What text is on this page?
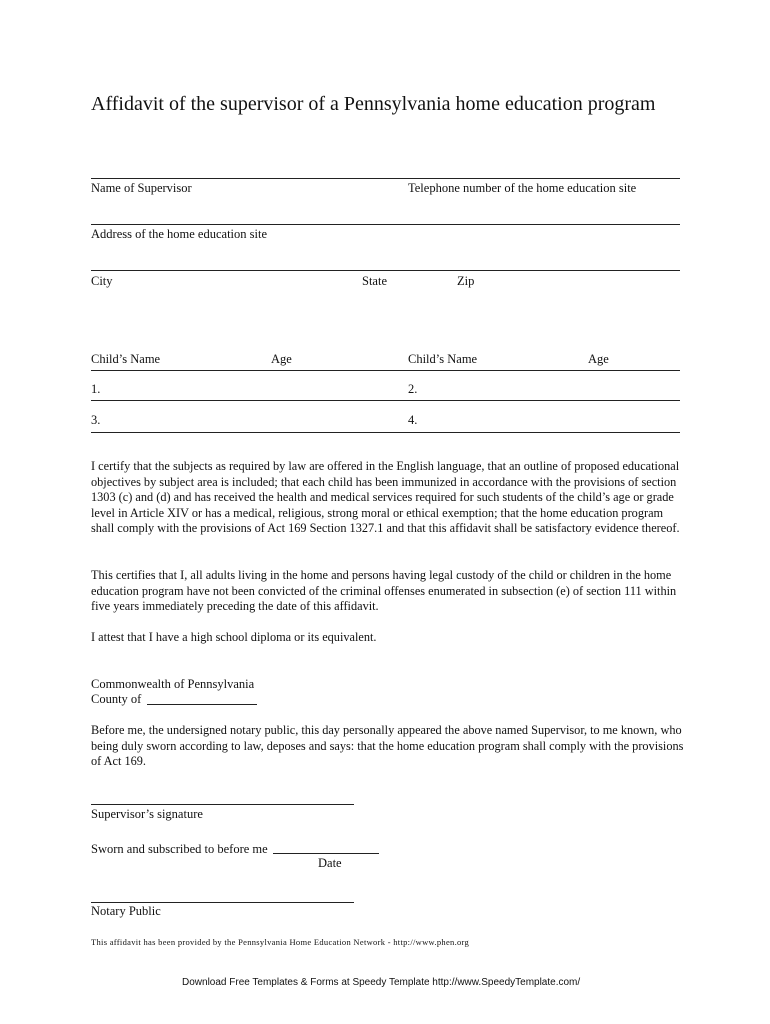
Affidavit of the supervisor of a Pennsylvania home education program
Name of Supervisor	Telephone number of the home education site
Address of the home education site
City	State	Zip
Child’s Name	Age	Child’s Name	Age
1.	2.
3.	4.
I certify that the subjects as required by law are offered in the English language, that an outline of proposed educational objectives by subject area is included; that each child has been immunized in accordance with the provisions of section 1303 (c) and (d) and has received the health and medical services required for such students of the child’s age or grade level in Article XIV or has a medical, religious, strong moral or ethical exemption; that the home education program shall comply with the provisions of Act 169 Section 1327.1 and that this affidavit shall be satisfactory evidence thereof.
This certifies that I, all adults living in the home and persons having legal custody of the child or children in the home education program have not been convicted of the criminal offenses enumerated in subsection (e) of section 111 within five years immediately preceding the date of this affidavit.
I attest that I have a high school diploma or its equivalent.
Commonwealth of Pennsylvania
County of
Before me, the undersigned notary public, this day personally appeared the above named Supervisor, to me known, who being duly sworn according to law, deposes and says: that the home education program shall comply with the provisions of Act 169.
Supervisor’s signature
Sworn and subscribed to before me
Date
Notary Public
This affidavit has been provided by the Pennsylvania Home Education Network - http://www.phen.org
Download Free Templates & Forms at Speedy Template http://www.SpeedyTemplate.com/
